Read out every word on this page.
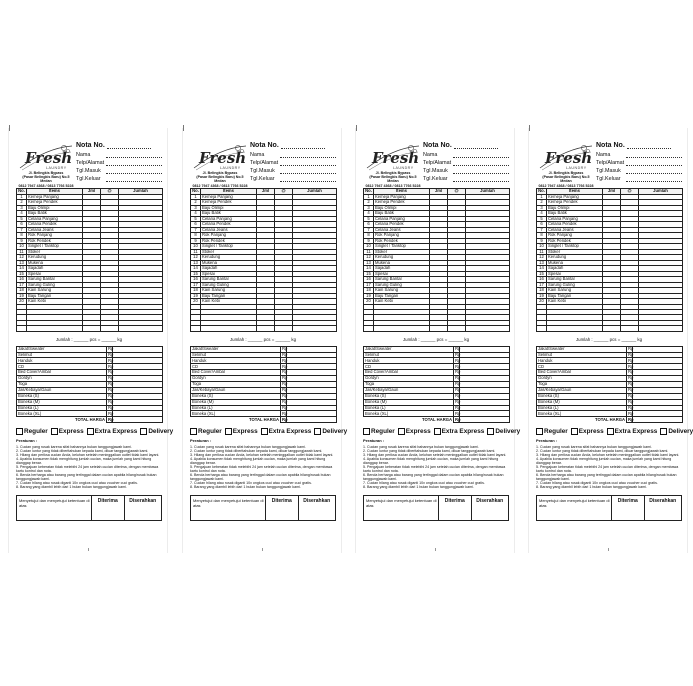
Fresh
LAUNDRY
Jl. Belingkis Bypass
(Pasar Belingkis Baru) No.5 Medan
0812 7947 4368 / 0813 7766 5228
Nota No.
Nama
Telp/Alamat
Tgl.Masuk
Tgl.Keluar
No.	Items	Jml	@	Jumlah
1	Kemeja Panjang			
2	Kemeja Pendek			
3	Baju Olimpi			
4	Baju Batik			
5	Celana Panjang			
6	Celana Pendek			
7	Celana Jeans			
8	Rok Panjang			
9	Rok Pendek			
10	Singlet / Tanktop			
11	Stoker			
12	Kerudung			
13	Mukena			
14	Sajadah			
15	Spesai			
16	Sarung Bantal			
17	Sarung Guling			
18	Kain Sarung			
19	Baju Tangan			
20	Kain Kebi			

Jumlah : ______ pcs = ______ kg
Jakat/Sweater	Rp	
Selimut	Rp	
Handuk	Rp	
CD	Rp	
Bed Cover/Ambal	Rp	
Gordyn	Rp	
Toga	Rp	
Jas/Kebaya/Gaun	Rp	
Boneka (S)	Rp	
Boneka (M)	Rp	
Boneka (L)	Rp	
Boneka (XL)	Rp	
TOTAL HARGA	Rp	
Reguler	Express	Extra Express	Delivery
Peraturan :
1. Cucian yang rusak karena sifat bahannya bukan tanggungjawab kami.
2. Cucian luntur yang tidak diberitahukan kepada kami, diluar tanggungjawab kami.
3. Hilang dan periksa cucian Anda, keluhan setelah meninggalkan outlet tidak kami layani.
4. Apabila konsumen tidak menghitung jumlah cucian, maka jumlah yang kami hitung dianggap benar.
5. Pengajuan keberatan tidak melebihi 24 jam setelah cucian diterima, dengan membawa kartu kontrol dan nota.
6. Benda berharga atau barang yang tertinggal dalam cucian apabila hilang/rusak bukan tanggungjawab kami.
7. Cucian hilang atau rusak diganti 10x ongkos cuci atau voucher cuci gratis.
8. Barang yang diambil lebih dari 1 bulan bukan tanggungjawab kami.
Menyetujui dan menyetujui ketentuan di atas
Diterima	Diserahkan
Fresh
LAUNDRY
Jl. Belingkis Bypass
(Pasar Belingkis Baru) No.5 Medan
0812 7947 4368 / 0813 7766 5228
Nota No.
Nama
Telp/Alamat
Tgl.Masuk
Tgl.Keluar
No.	Items	Jml	@	Jumlah
1	Kemeja Panjang			
2	Kemeja Pendek			
3	Baju Olimpi			
4	Baju Batik			
5	Celana Panjang			
6	Celana Pendek			
7	Celana Jeans			
8	Rok Panjang			
9	Rok Pendek			
10	Singlet / Tanktop			
11	Stoker			
12	Kerudung			
13	Mukena			
14	Sajadah			
15	Spesai			
16	Sarung Bantal			
17	Sarung Guling			
18	Kain Sarung			
19	Baju Tangan			
20	Kain Kebi			

Jumlah : ______ pcs = ______ kg
Jakat/Sweater	Rp	
Selimut	Rp	
Handuk	Rp	
CD	Rp	
Bed Cover/Ambal	Rp	
Gordyn	Rp	
Toga	Rp	
Jas/Kebaya/Gaun	Rp	
Boneka (S)	Rp	
Boneka (M)	Rp	
Boneka (L)	Rp	
Boneka (XL)	Rp	
TOTAL HARGA	Rp	
Reguler	Express	Extra Express	Delivery
Peraturan :
1. Cucian yang rusak karena sifat bahannya bukan tanggungjawab kami.
2. Cucian luntur yang tidak diberitahukan kepada kami, diluar tanggungjawab kami.
3. Hilang dan periksa cucian Anda, keluhan setelah meninggalkan outlet tidak kami layani.
4. Apabila konsumen tidak menghitung jumlah cucian, maka jumlah yang kami hitung dianggap benar.
5. Pengajuan keberatan tidak melebihi 24 jam setelah cucian diterima, dengan membawa kartu kontrol dan nota.
6. Benda berharga atau barang yang tertinggal dalam cucian apabila hilang/rusak bukan tanggungjawab kami.
7. Cucian hilang atau rusak diganti 10x ongkos cuci atau voucher cuci gratis.
8. Barang yang diambil lebih dari 1 bulan bukan tanggungjawab kami.
Menyetujui dan menyetujui ketentuan di atas
Diterima	Diserahkan
Fresh
LAUNDRY
Jl. Belingkis Bypass
(Pasar Belingkis Baru) No.5 Medan
0812 7947 4368 / 0813 7766 5228
Nota No.
Nama
Telp/Alamat
Tgl.Masuk
Tgl.Keluar
No.	Items	Jml	@	Jumlah
1	Kemeja Panjang			
2	Kemeja Pendek			
3	Baju Olimpi			
4	Baju Batik			
5	Celana Panjang			
6	Celana Pendek			
7	Celana Jeans			
8	Rok Panjang			
9	Rok Pendek			
10	Singlet / Tanktop			
11	Stoker			
12	Kerudung			
13	Mukena			
14	Sajadah			
15	Spesai			
16	Sarung Bantal			
17	Sarung Guling			
18	Kain Sarung			
19	Baju Tangan			
20	Kain Kebi			

Jumlah : ______ pcs = ______ kg
Jakat/Sweater	Rp	
Selimut	Rp	
Handuk	Rp	
CD	Rp	
Bed Cover/Ambal	Rp	
Gordyn	Rp	
Toga	Rp	
Jas/Kebaya/Gaun	Rp	
Boneka (S)	Rp	
Boneka (M)	Rp	
Boneka (L)	Rp	
Boneka (XL)	Rp	
TOTAL HARGA	Rp	
Reguler	Express	Extra Express	Delivery
Peraturan :
1. Cucian yang rusak karena sifat bahannya bukan tanggungjawab kami.
2. Cucian luntur yang tidak diberitahukan kepada kami, diluar tanggungjawab kami.
3. Hilang dan periksa cucian Anda, keluhan setelah meninggalkan outlet tidak kami layani.
4. Apabila konsumen tidak menghitung jumlah cucian, maka jumlah yang kami hitung dianggap benar.
5. Pengajuan keberatan tidak melebihi 24 jam setelah cucian diterima, dengan membawa kartu kontrol dan nota.
6. Benda berharga atau barang yang tertinggal dalam cucian apabila hilang/rusak bukan tanggungjawab kami.
7. Cucian hilang atau rusak diganti 10x ongkos cuci atau voucher cuci gratis.
8. Barang yang diambil lebih dari 1 bulan bukan tanggungjawab kami.
Menyetujui dan menyetujui ketentuan di atas
Diterima	Diserahkan
Fresh
LAUNDRY
Jl. Belingkis Bypass
(Pasar Belingkis Baru) No.5 Medan
0812 7947 4368 / 0813 7766 5228
Nota No.
Nama
Telp/Alamat
Tgl.Masuk
Tgl.Keluar
No.	Items	Jml	@	Jumlah
1	Kemeja Panjang			
2	Kemeja Pendek			
3	Baju Olimpi			
4	Baju Batik			
5	Celana Panjang			
6	Celana Pendek			
7	Celana Jeans			
8	Rok Panjang			
9	Rok Pendek			
10	Singlet / Tanktop			
11	Stoker			
12	Kerudung			
13	Mukena			
14	Sajadah			
15	Spesai			
16	Sarung Bantal			
17	Sarung Guling			
18	Kain Sarung			
19	Baju Tangan			
20	Kain Kebi			

Jumlah : ______ pcs = ______ kg
Jakat/Sweater	Rp	
Selimut	Rp	
Handuk	Rp	
CD	Rp	
Bed Cover/Ambal	Rp	
Gordyn	Rp	
Toga	Rp	
Jas/Kebaya/Gaun	Rp	
Boneka (S)	Rp	
Boneka (M)	Rp	
Boneka (L)	Rp	
Boneka (XL)	Rp	
TOTAL HARGA	Rp	
Reguler	Express	Extra Express	Delivery
Peraturan :
1. Cucian yang rusak karena sifat bahannya bukan tanggungjawab kami.
2. Cucian luntur yang tidak diberitahukan kepada kami, diluar tanggungjawab kami.
3. Hilang dan periksa cucian Anda, keluhan setelah meninggalkan outlet tidak kami layani.
4. Apabila konsumen tidak menghitung jumlah cucian, maka jumlah yang kami hitung dianggap benar.
5. Pengajuan keberatan tidak melebihi 24 jam setelah cucian diterima, dengan membawa kartu kontrol dan nota.
6. Benda berharga atau barang yang tertinggal dalam cucian apabila hilang/rusak bukan tanggungjawab kami.
7. Cucian hilang atau rusak diganti 10x ongkos cuci atau voucher cuci gratis.
8. Barang yang diambil lebih dari 1 bulan bukan tanggungjawab kami.
Menyetujui dan menyetujui ketentuan di atas
Diterima	Diserahkan
